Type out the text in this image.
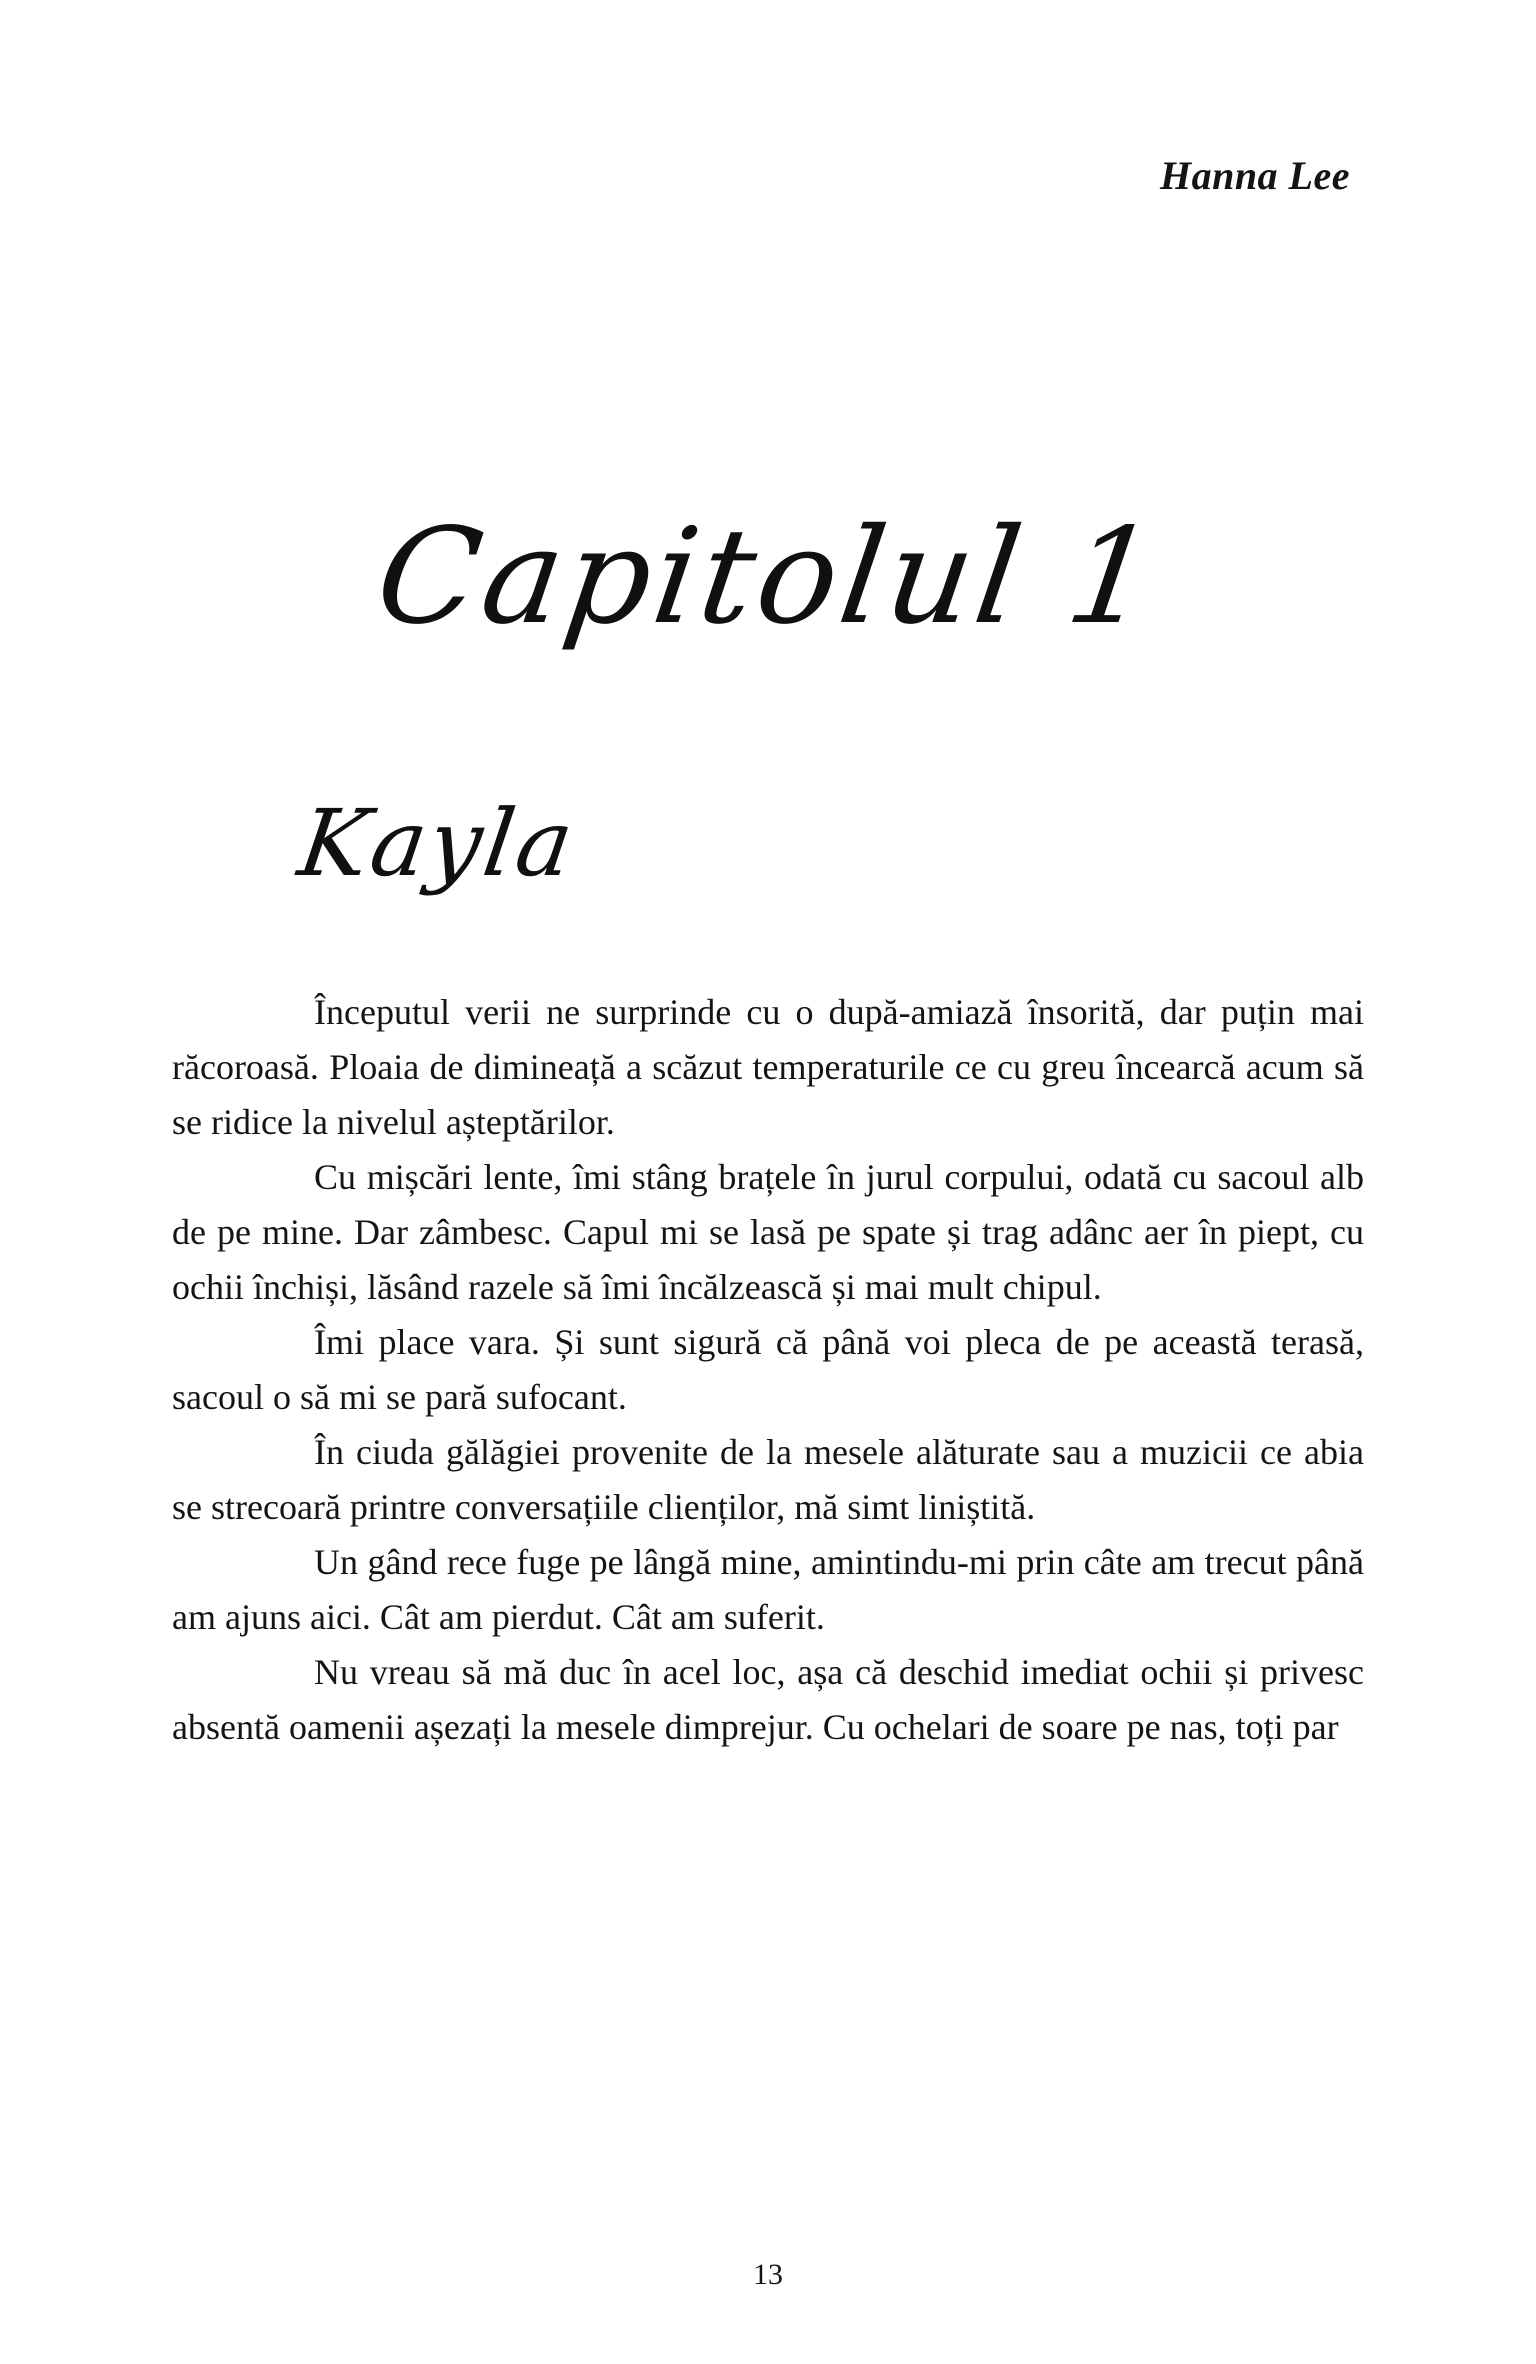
Hanna Lee
Capitolul 1
Kayla

Începutul verii ne surprinde cu o după-amiază însorită, dar puțin mai răcoroasă. Ploaia de dimineață a scăzut temperaturile ce cu greu încearcă acum să se ridice la nivelul așteptărilor.

Cu mișcări lente, îmi stâng brațele în jurul corpului, odată cu sacoul alb de pe mine. Dar zâmbesc. Capul mi se lasă pe spate și trag adânc aer în piept, cu ochii închiși, lăsând razele să îmi încălzească și mai mult chipul.

Îmi place vara. Și sunt sigură că până voi pleca de pe această terasă, sacoul o să mi se pară sufocant.

În ciuda gălăgiei provenite de la mesele alăturate sau a muzicii ce abia se strecoară printre conversațiile clienților, mă simt liniștită.

Un gând rece fuge pe lângă mine, amintindu-mi prin câte am trecut până am ajuns aici. Cât am pierdut. Cât am suferit.

Nu vreau să mă duc în acel loc, așa că deschid imediat ochii și privesc absentă oamenii așezați la mesele dimprejur. Cu ochelari de soare pe nas, toți par

13
